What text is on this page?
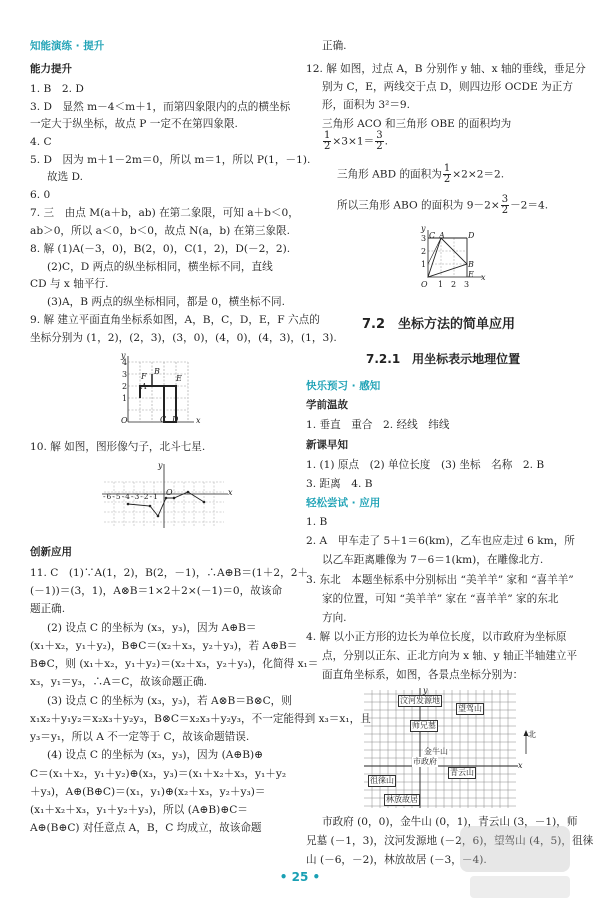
知能演练 · 提升
能力提升
1. B　2. D
3. D　显然 m－4＜m＋1，而第四象限内的点的横坐标
一定大于纵坐标，故点 P 一定不在第四象限.
4. C
5. D　因为 m＋1－2m＝0，所以 m＝1，所以 P(1，－1).
故选 D.
6. 0
7. 三　由点 M(a＋b，ab) 在第二象限，可知 a＋b＜0，
ab＞0，所以 a＜0，b＜0，故点 N(a，b) 在第三象限.
8. 解 (1)A(－3，0)，B(2，0)，C(1，2)，D(－2，2).
(2)C，D 两点的纵坐标相同，横坐标不同，直线
CD 与 x 轴平行.
(3)A，B 两点的纵坐标相同，都是 0，横坐标不同.
9. 解 建立平面直角坐标系如图，A，B，C，D，E，F 六点的
坐标分别为 (1，2)，(2，3)，(3，0)，(4，0)，(4，3)，(1，3).
y
x
O
4
3
2
1
A
B
C D
E
F
10. 解 如图，图形像勺子，北斗七星.
y
x
O
-6-5-4-3-2-1
创新应用
11. C　(1)∵A(1，2)，B(2，－1)，∴A⊕B＝(1＋2，2＋
(－1))＝(3，1)，A⊗B＝1×2＋2×(－1)＝0，故该命
题正确.
(2) 设点 C 的坐标为 (x₃，y₃)，因为 A⊕B＝
(x₁＋x₂，y₁＋y₂)，B⊕C＝(x₂＋x₃，y₂＋y₃)，若 A⊕B＝
B⊕C，则 (x₁＋x₂，y₁＋y₂)＝(x₂＋x₃，y₂＋y₃)，化简得 x₁＝
x₃，y₁＝y₃，∴A＝C，故该命题正确.
(3) 设点 C 的坐标为 (x₃，y₃)，若 A⊗B＝B⊗C，则
x₁x₂＋y₁y₂＝x₂x₃＋y₂y₃，B⊗C＝x₂x₃＋y₂y₃，不一定能得到 x₃＝x₁，且
y₃＝y₁，所以 A 不一定等于 C，故该命题错误.
(4) 设点 C 的坐标为 (x₃，y₃)，因为 (A⊕B)⊕
C＝(x₁＋x₂，y₁＋y₂)⊕(x₃，y₃)＝(x₁＋x₂＋x₃，y₁＋y₂
＋y₃)，A⊕(B⊕C)＝(x₁，y₁)⊕(x₂＋x₃，y₂＋y₃)＝
(x₁＋x₂＋x₃，y₁＋y₂＋y₃)，所以 (A⊕B)⊕C＝
A⊕(B⊕C) 对任意点 A，B，C 均成立，故该命题
正确.
12. 解 如图，过点 A，B 分别作 y 轴、x 轴的垂线，垂足分
别为 C，E，两线交于点 D，则四边形 OCDE 为正方
形，面积为 3²＝9.
三角形 ACO 和三角形 OBE 的面积均为
$\frac{1}{2} \times 3\times 1= \frac{3}{2}$ .
三角形 ABD 的面积为 $\frac{1}{2} \times 2\times 2=2$.
所以三角形 ABO 的面积为 $9-2\times \frac{3}{2} -2=4$.
y
x
O
3
2
1
1 2 3
C A	D
B
E
7.2　坐标方法的简单应用
7.2.1　用坐标表示地理位置
快乐预习 · 感知
学前温故
1. 垂直　重合　2. 经线　纬线
新课早知
1. (1) 原点　(2) 单位长度　(3) 坐标　名称　2. B
3. 距离　4. B
轻松尝试 · 应用
1. B
2. A　甲车走了 5＋1＝6(km)，乙车也应走过 6 km，所
以乙车距离雕像为 7－6＝1(km)，在雕像北方.
3. 东北　本题坐标系中分别标出 “美羊羊” 家和 “喜羊羊”
家的位置，可知 “美羊羊” 家在 “喜羊羊” 家的东北
方向.
4. 解 以小正方形的边长为单位长度，以市政府为坐标原
点，分别以正东、正北方向为 x 轴、y 轴正半轴建立平
面直角坐标系，如图，各景点坐标分别为：
北
y
x
汶河发源地
望驾山
师兄墓
金牛山
市政府
青云山
徂徕山
林放故居
市政府 (0，0)，金牛山 (0，1)，青云山 (3，－1)，师
兄墓 (－1，3)，汶河发源地 (－2，6)，望驾山 (4，5)，徂徕
山 (－6，－2)，林放故居 (－3，－4).
• 25 •
